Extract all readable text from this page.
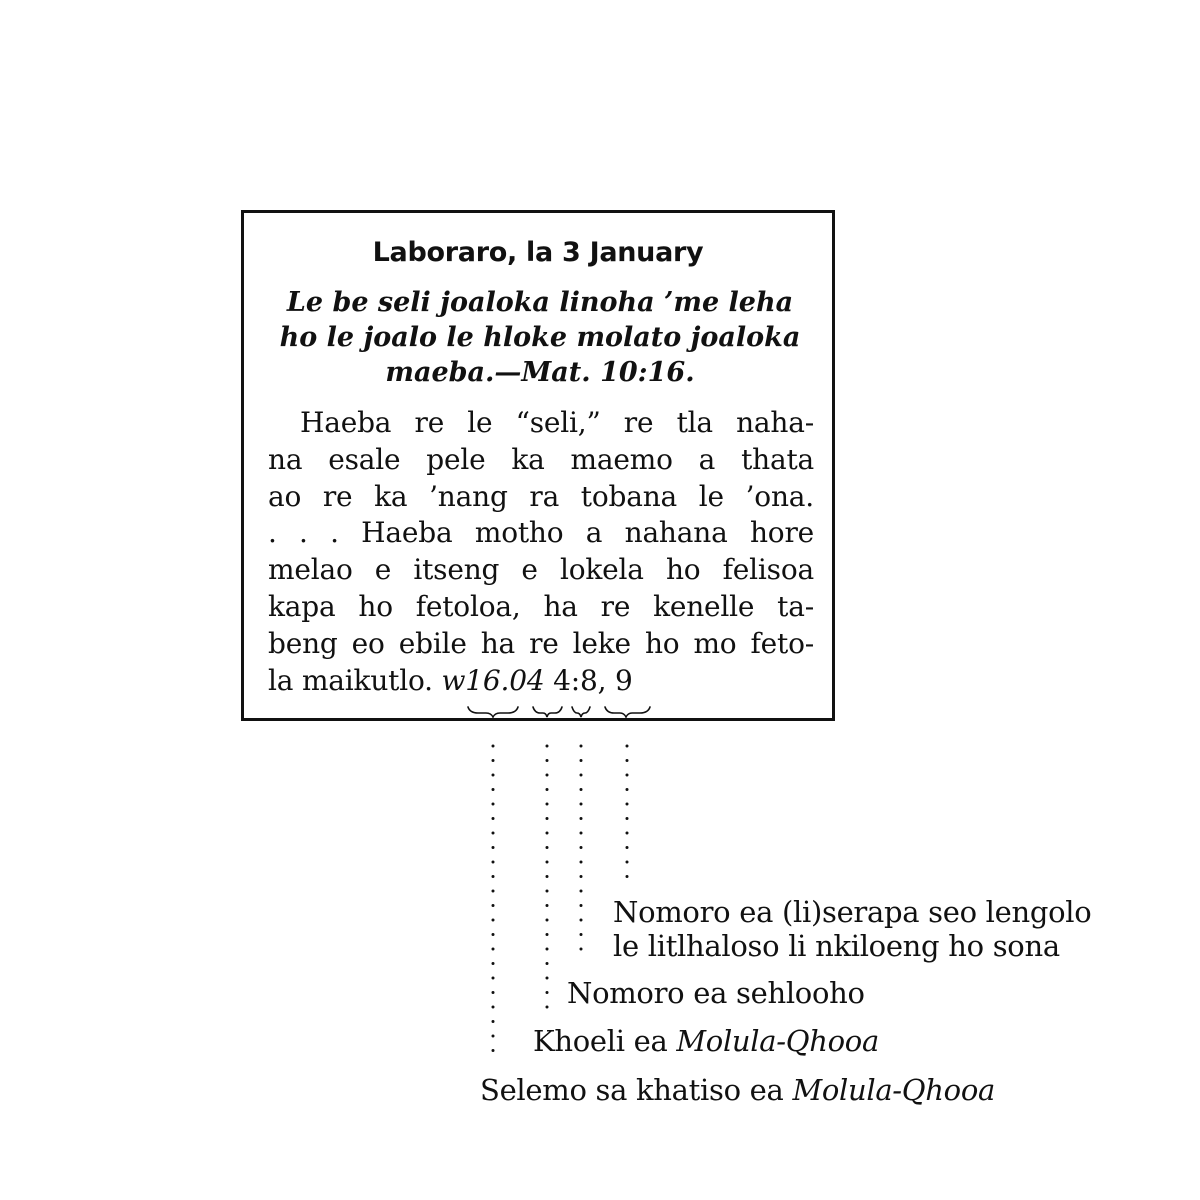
Laboraro, la 3 January

Le be seli joaloka linoha ’me leha
ho le joalo le hloke molato joaloka
maeba.—Mat. 10:16.

Haeba re le “seli,” re tla naha-
na esale pele ka maemo a thata
ao re ka ’nang ra tobana le ’ona.
. . . Haeba motho a nahana hore
melao e itseng e lokela ho felisoa
kapa ho fetoloa, ha re kenelle ta-
beng eo ebile ha re leke ho mo feto-
la maikutlo. w16.04 4:8, 9

Nomoro ea (li)serapa seo lengolo
le litlhaloso li nkiloeng ho sona
Nomoro ea sehlooho
Khoeli ea Molula-Qhooa
Selemo sa khatiso ea Molula-Qhooa
